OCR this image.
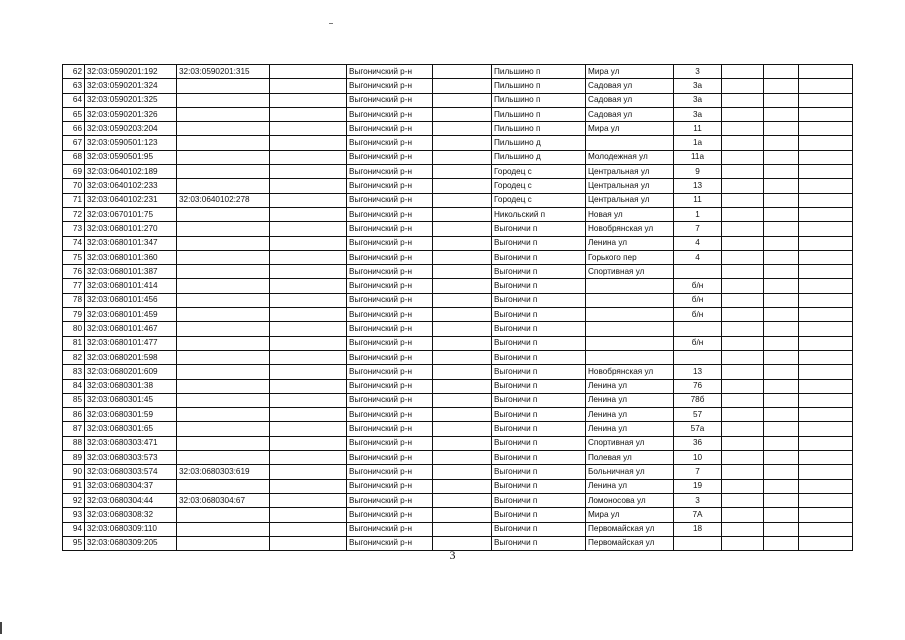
62	32:03:0590201:192	32:03:0590201:315		Выгоничский р-н		Пильшино п	Мира ул	3			
63	32:03:0590201:324			Выгоничский р-н		Пильшино п	Садовая ул	3а			
64	32:03:0590201:325			Выгоничский р-н		Пильшино п	Садовая ул	3а			
65	32:03:0590201:326			Выгоничский р-н		Пильшино п	Садовая ул	3а			
66	32:03:0590203:204			Выгоничский р-н		Пильшино п	Мира ул	11			
67	32:03:0590501:123			Выгоничский р-н		Пильшино д		1а			
68	32:03:0590501:95			Выгоничский р-н		Пильшино д	Молодежная ул	11а			
69	32:03:0640102:189			Выгоничский р-н		Городец с	Центральная ул	9			
70	32:03:0640102:233			Выгоничский р-н		Городец с	Центральная ул	13			
71	32:03:0640102:231	32:03:0640102:278		Выгоничский р-н		Городец с	Центральная ул	11			
72	32:03:0670101:75			Выгоничский р-н		Никольский п	Новая ул	1			
73	32:03:0680101:270			Выгоничский р-н		Выгоничи п	Новобрянская ул	7			
74	32:03:0680101:347			Выгоничский р-н		Выгоничи п	Ленина ул	4			
75	32:03:0680101:360			Выгоничский р-н		Выгоничи п	Горького пер	4			
76	32:03:0680101:387			Выгоничский р-н		Выгоничи п	Спортивная ул				
77	32:03:0680101:414			Выгоничский р-н		Выгоничи п		б/н			
78	32:03:0680101:456			Выгоничский р-н		Выгоничи п		б/н			
79	32:03:0680101:459			Выгоничский р-н		Выгоничи п		б/н			
80	32:03:0680101:467			Выгоничский р-н		Выгоничи п					
81	32:03:0680101:477			Выгоничский р-н		Выгоничи п		б/н			
82	32:03:0680201:598			Выгоничский р-н		Выгоничи п					
83	32:03:0680201:609			Выгоничский р-н		Выгоничи п	Новобрянская ул	13			
84	32:03:0680301:38			Выгоничский р-н		Выгоничи п	Ленина ул	76			
85	32:03:0680301:45			Выгоничский р-н		Выгоничи п	Ленина ул	78б			
86	32:03:0680301:59			Выгоничский р-н		Выгоничи п	Ленина ул	57			
87	32:03:0680301:65			Выгоничский р-н		Выгоничи п	Ленина ул	57а			
88	32:03:0680303:471			Выгоничский р-н		Выгоничи п	Спортивная ул	36			
89	32:03:0680303:573			Выгоничский р-н		Выгоничи п	Полевая ул	10			
90	32:03:0680303:574	32:03:0680303:619		Выгоничский р-н		Выгоничи п	Больничная ул	7			
91	32:03:0680304:37			Выгоничский р-н		Выгоничи п	Ленина ул	19			
92	32:03:0680304:44	32:03:0680304:67		Выгоничский р-н		Выгоничи п	Ломоносова ул	3			
93	32:03:0680308:32			Выгоничский р-н		Выгоничи п	Мира ул	7А			
94	32:03:0680309:110			Выгоничский р-н		Выгоничи п	Первомайская ул	18			
95	32:03:0680309:205			Выгоничский р-н		Выгоничи п	Первомайская ул				
3
